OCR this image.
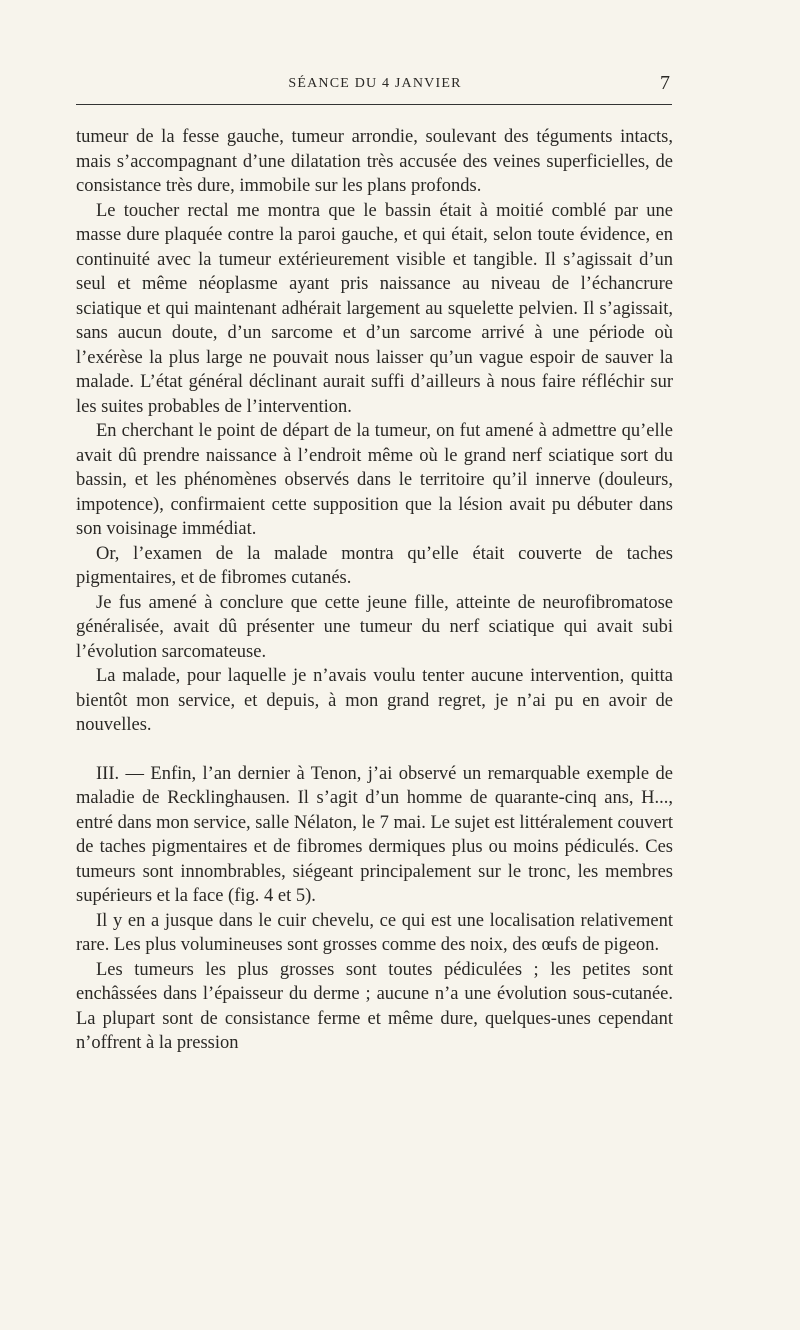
SÉANCE DU 4 JANVIER	7

tumeur de la fesse gauche, tumeur arrondie, soulevant des téguments intacts, mais s’accompagnant d’une dilatation très accusée des veines superficielles, de consistance très dure, immobile sur les plans profonds.

Le toucher rectal me montra que le bassin était à moitié comblé par une masse dure plaquée contre la paroi gauche, et qui était, selon toute évidence, en continuité avec la tumeur extérieurement visible et tangible. Il s’agissait d’un seul et même néoplasme ayant pris naissance au niveau de l’échancrure sciatique et qui maintenant adhérait largement au squelette pelvien. Il s’agissait, sans aucun doute, d’un sarcome et d’un sarcome arrivé à une période où l’exérèse la plus large ne pouvait nous laisser qu’un vague espoir de sauver la malade. L’état général déclinant aurait suffi d’ailleurs à nous faire réfléchir sur les suites probables de l’intervention.

En cherchant le point de départ de la tumeur, on fut amené à admettre qu’elle avait dû prendre naissance à l’endroit même où le grand nerf sciatique sort du bassin, et les phénomènes observés dans le territoire qu’il innerve (douleurs, impotence), confirmaient cette supposition que la lésion avait pu débuter dans son voisinage immédiat.

Or, l’examen de la malade montra qu’elle était couverte de taches pigmentaires, et de fibromes cutanés.

Je fus amené à conclure que cette jeune fille, atteinte de neurofibromatose généralisée, avait dû présenter une tumeur du nerf sciatique qui avait subi l’évolution sarcomateuse.

La malade, pour laquelle je n’avais voulu tenter aucune intervention, quitta bientôt mon service, et depuis, à mon grand regret, je n’ai pu en avoir de nouvelles.

III. — Enfin, l’an dernier à Tenon, j’ai observé un remarquable exemple de maladie de Recklinghausen. Il s’agit d’un homme de quarante-cinq ans, H..., entré dans mon service, salle Nélaton, le 7 mai. Le sujet est littéralement couvert de taches pigmentaires et de fibromes dermiques plus ou moins pédiculés. Ces tumeurs sont innombrables, siégeant principalement sur le tronc, les membres supérieurs et la face (fig. 4 et 5).

Il y en a jusque dans le cuir chevelu, ce qui est une localisation relativement rare. Les plus volumineuses sont grosses comme des noix, des œufs de pigeon.

Les tumeurs les plus grosses sont toutes pédiculées ; les petites sont enchâssées dans l’épaisseur du derme ; aucune n’a une évolution sous-cutanée. La plupart sont de consistance ferme et même dure, quelques-unes cependant n’offrent à la pression
